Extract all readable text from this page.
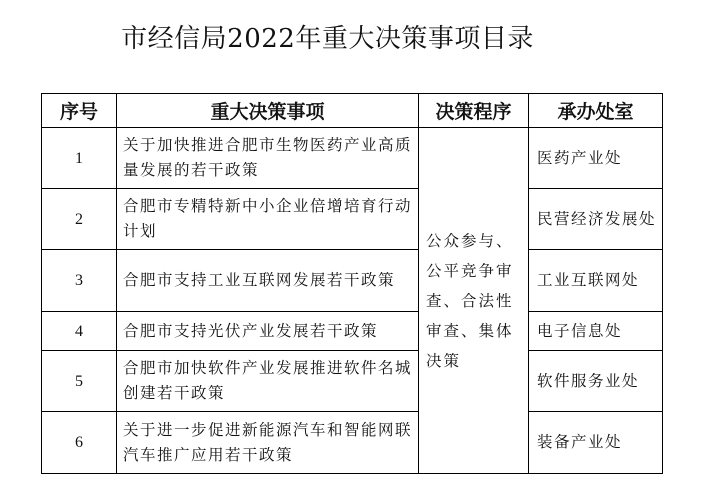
市经信局2022年重大决策事项目录
序号	重大决策事项	决策程序	承办处室
1	关于加快推进合肥市生物医药产业高质量发展的若干政策	公众参与、公平竞争审查、合法性审查、集体决策	医药产业处
2	合肥市专精特新中小企业倍增培育行动计划		民营经济发展处
3	合肥市支持工业互联网发展若干政策		工业互联网处
4	合肥市支持光伏产业发展若干政策		电子信息处
5	合肥市加快软件产业发展推进软件名城创建若干政策		软件服务业处
6	关于进一步促进新能源汽车和智能网联汽车推广应用若干政策		装备产业处
